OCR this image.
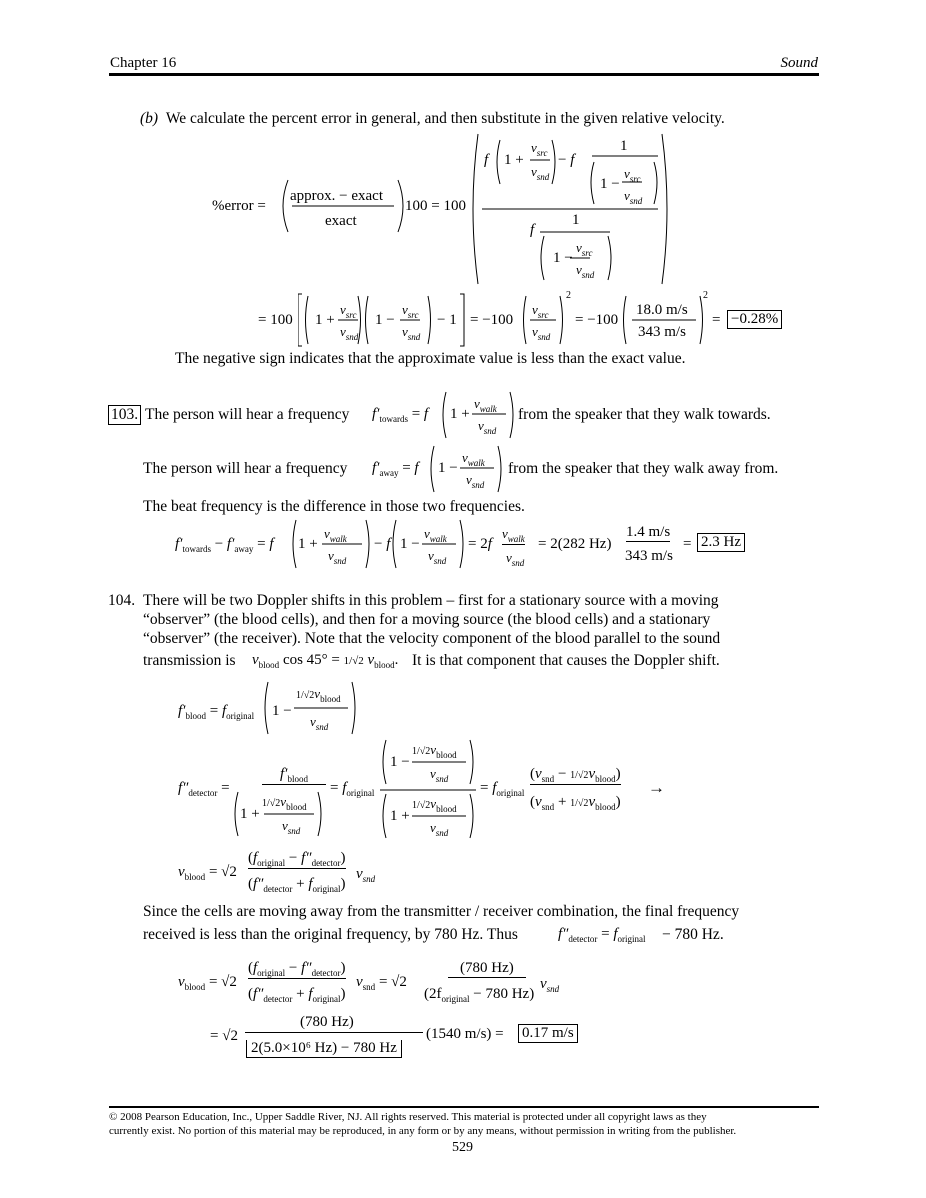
Chapter 16	Sound
(b) We calculate the percent error in general, and then substitute in the given relative velocity.
%error =
approx. − exact
exact
100 = 100
f 1 +
$v_{src}$
$v_{snd}$
− f
1
1 −
$v_{src}$
$v_{snd}$
f
1
1 −
$v_{src}$
$v_{snd}$
= 100 1 +
$v_{src}$
$v_{snd}$
1 −
$v_{src}$
$v_{snd}$
− 1 = −100
$v_{src}$
$v_{snd}$
2
= −100
18.0 m/s
343 m/s
2
= −0.28%
The negative sign indicates that the approximate value is less than the exact value.
103. The person will hear a frequency $f'_{towards} = f$ 1 +
$v_{walk}$
$v_{snd}$
from the speaker that they walk towards.
The person will hear a frequency $f'_{away} = f$ 1 −
$v_{walk}$
$v_{snd}$
from the speaker that they walk away from.
The beat frequency is the difference in those two frequencies.
$f'_{towards} - f'_{away} = f$ 1 +
$v_{walk}$
$v_{snd}$
− f 1 −
$v_{walk}$
$v_{snd}$
= 2f
$v_{walk}$
$v_{snd}$
= 2(282 Hz)
1.4 m/s
343 m/s
= 2.3 Hz
104. There will be two Doppler shifts in this problem – first for a stationary source with a moving
“observer” (the blood cells), and then for a moving source (the blood cells) and a stationary
“observer” (the receiver). Note that the velocity component of the blood parallel to the sound
transmission is $v_{blood}$ cos 45° = 1/√2 $v_{blood}$. It is that component that causes the Doppler shift.
$f'_{blood} = f_{original}$ 1 −
$1/√2v_{blood}$
$v_{snd}$
$f''_{detector}$ =
$f'_{blood}$
1 +
$1/√2v_{blood}$
$v_{snd}$
= $f_{original}$
1 −
$1/√2v_{blood}$
$v_{snd}$
1 +
$1/√2v_{blood}$
$v_{snd}$
= $f_{original}$
$(v_{snd} - 1/√2v_{blood})$
$(v_{snd} + 1/√2v_{blood})$
→
$v_{blood} = √2$
$(f_{original} - f''_{detector})$
$(f''_{detector} + f_{original})$
$v_{snd}$
Since the cells are moving away from the transmitter / receiver combination, the final frequency
received is less than the original frequency, by 780 Hz. Thus	$f''_{detector} = f_{original} - 780$ Hz.
$v_{blood} = √2$
$(f_{original} - f''_{detector})$
$(f''_{detector} + f_{original})$
$v_{snd} = √2$
(780 Hz)
($2f_{original} - 780$ Hz)
$v_{snd}$
= √2
(780 Hz)
2(5.0×10⁶ Hz) − 780 Hz
(1540 m/s) = 0.17 m/s
© 2008 Pearson Education, Inc., Upper Saddle River, NJ. All rights reserved. This material is protected under all copyright laws as they
currently exist. No portion of this material may be reproduced, in any form or by any means, without permission in writing from the publisher.
529
